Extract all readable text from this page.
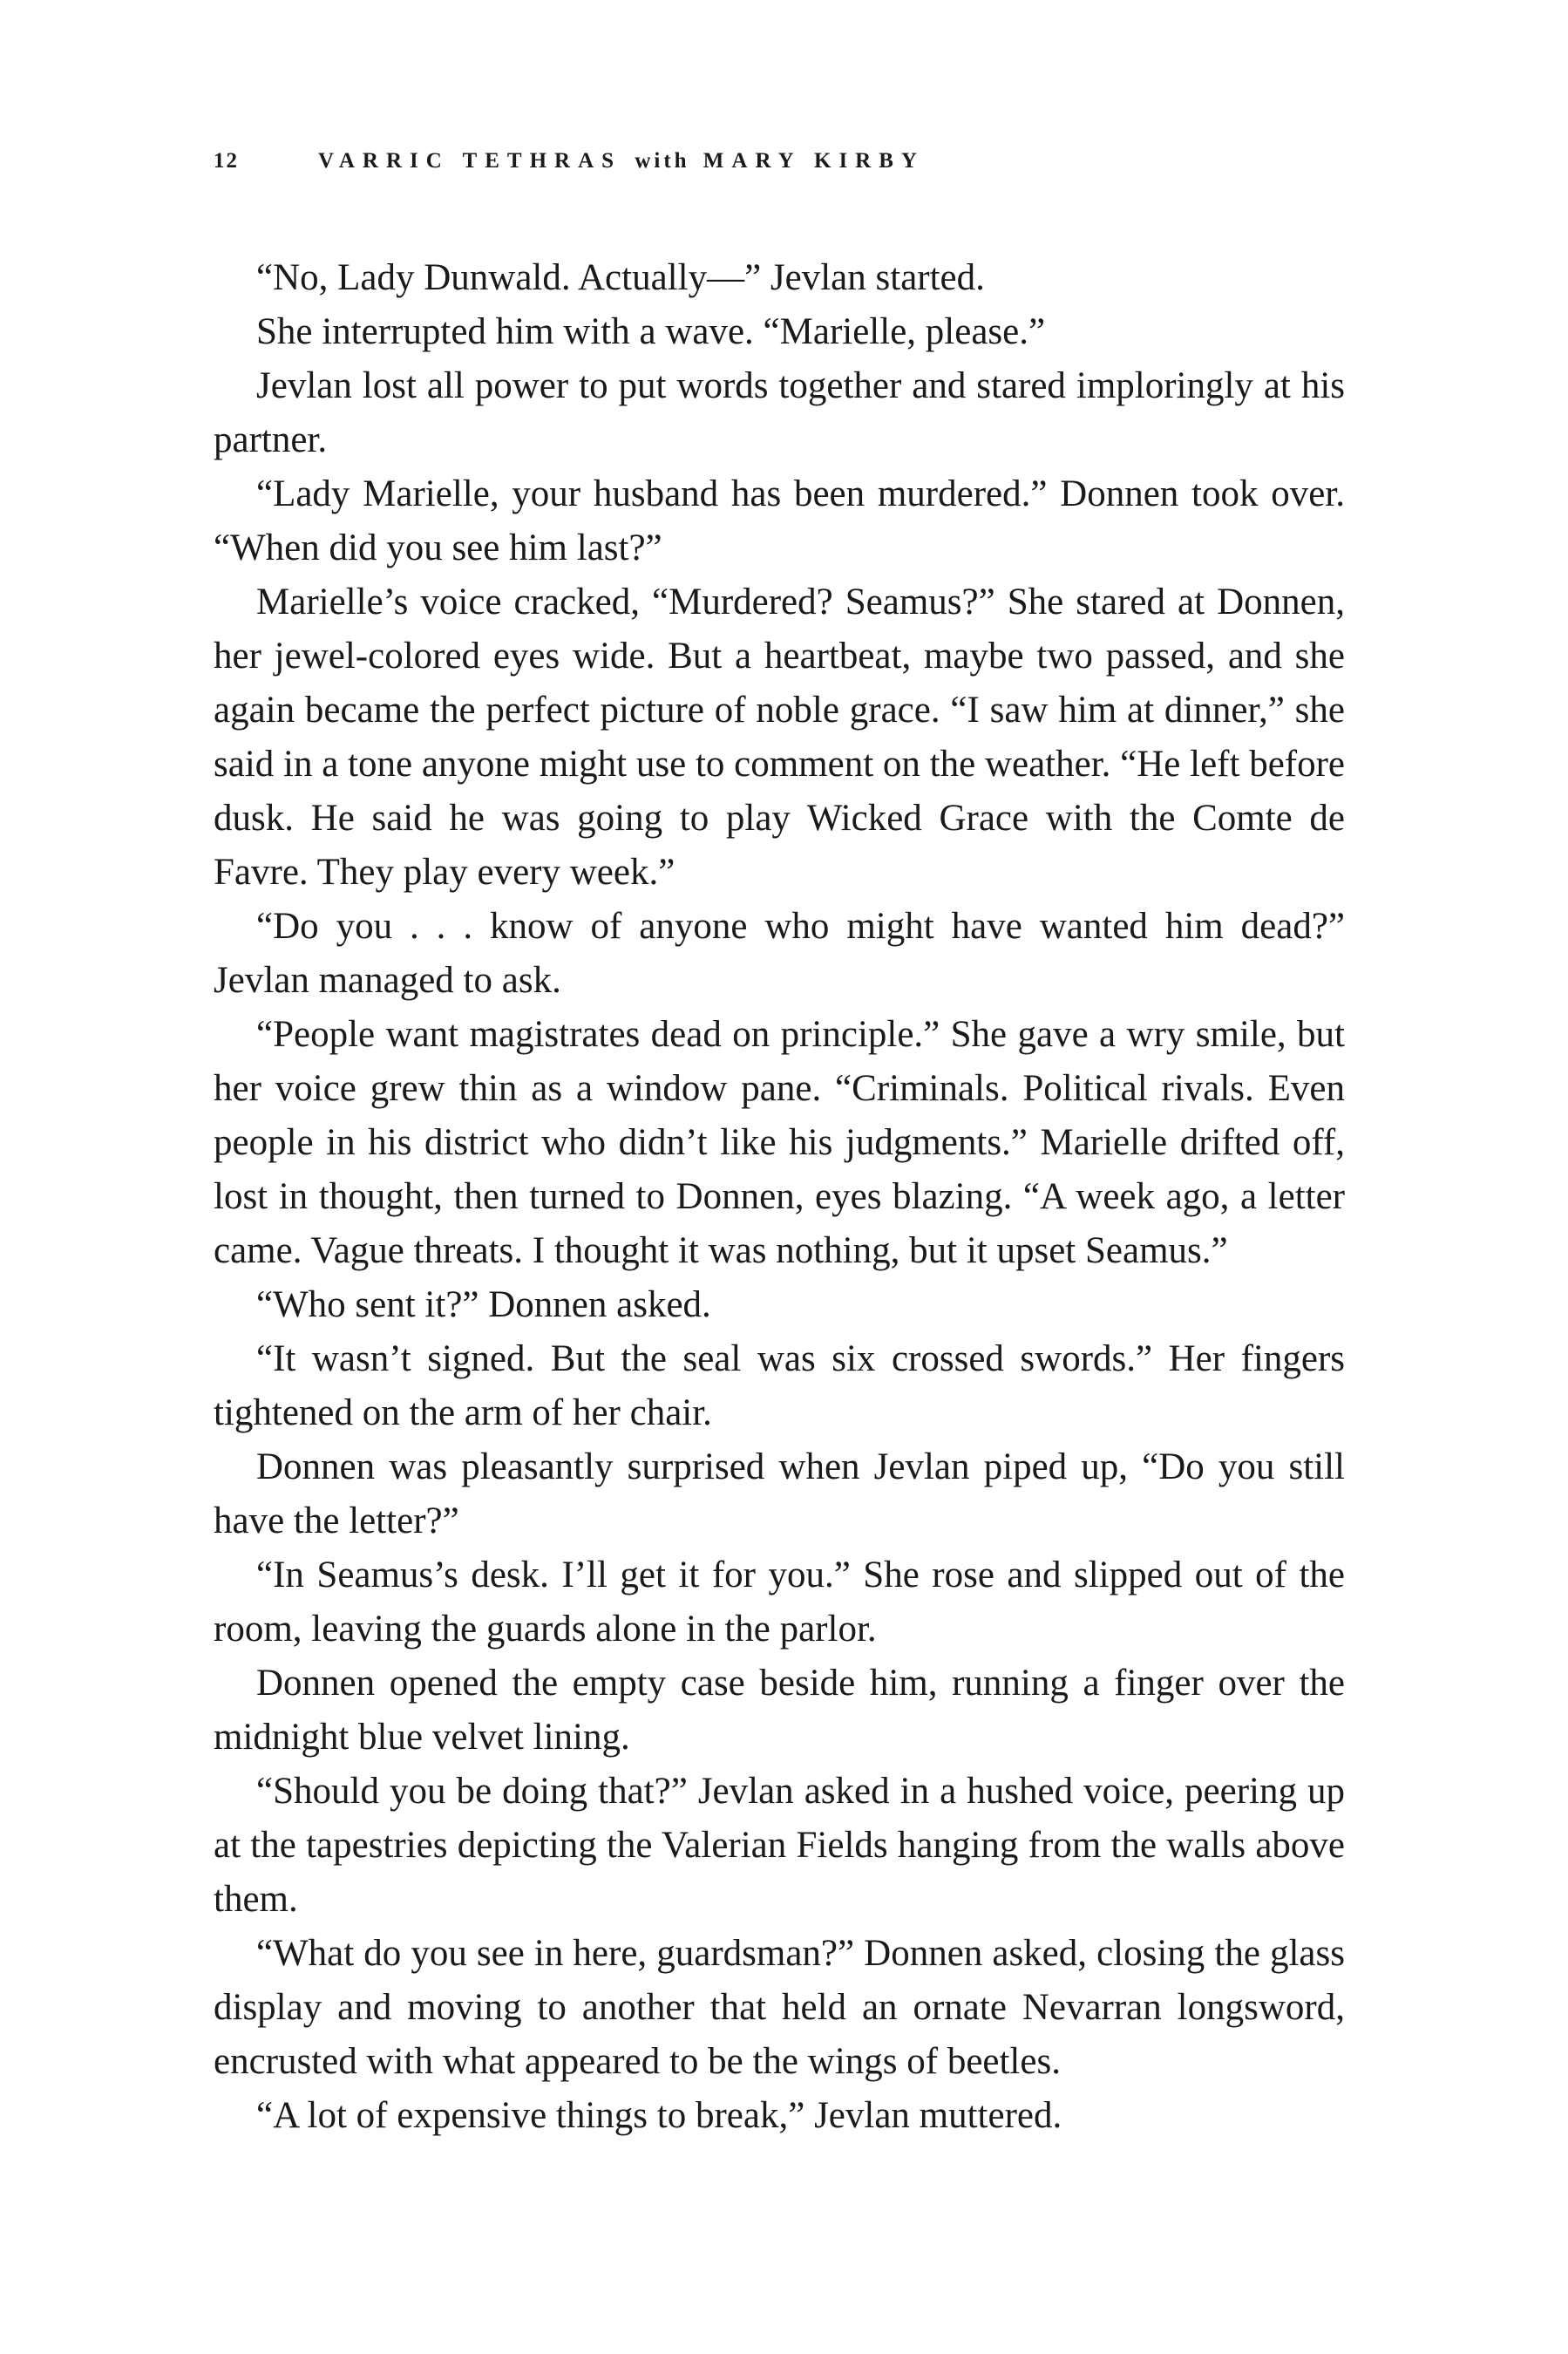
12	VARRIC TETHRAS with MARY KIRBY

“No, Lady Dunwald. Actually—” Jevlan started.

She interrupted him with a wave. “Marielle, please.”

Jevlan lost all power to put words together and stared imploringly at his partner.

“Lady Marielle, your husband has been murdered.” Donnen took over. “When did you see him last?”

Marielle’s voice cracked, “Murdered? Seamus?” She stared at Donnen, her jewel-colored eyes wide. But a heartbeat, maybe two passed, and she again became the perfect picture of noble grace. “I saw him at dinner,” she said in a tone anyone might use to comment on the weather. “He left before dusk. He said he was going to play Wicked Grace with the Comte de Favre. They play every week.”

“Do you . . . know of anyone who might have wanted him dead?” Jevlan managed to ask.

“People want magistrates dead on principle.” She gave a wry smile, but her voice grew thin as a window pane. “Criminals. Political rivals. Even people in his district who didn’t like his judgments.” Marielle drifted off, lost in thought, then turned to Donnen, eyes blazing. “A week ago, a letter came. Vague threats. I thought it was nothing, but it upset Seamus.”

“Who sent it?” Donnen asked.

“It wasn’t signed. But the seal was six crossed swords.” Her fingers tightened on the arm of her chair.

Donnen was pleasantly surprised when Jevlan piped up, “Do you still have the letter?”

“In Seamus’s desk. I’ll get it for you.” She rose and slipped out of the room, leaving the guards alone in the parlor.

Donnen opened the empty case beside him, running a finger over the midnight blue velvet lining.

“Should you be doing that?” Jevlan asked in a hushed voice, peering up at the tapestries depicting the Valerian Fields hanging from the walls above them.

“What do you see in here, guardsman?” Donnen asked, closing the glass display and moving to another that held an ornate Nevarran longsword, encrusted with what appeared to be the wings of beetles.

“A lot of expensive things to break,” Jevlan muttered.
